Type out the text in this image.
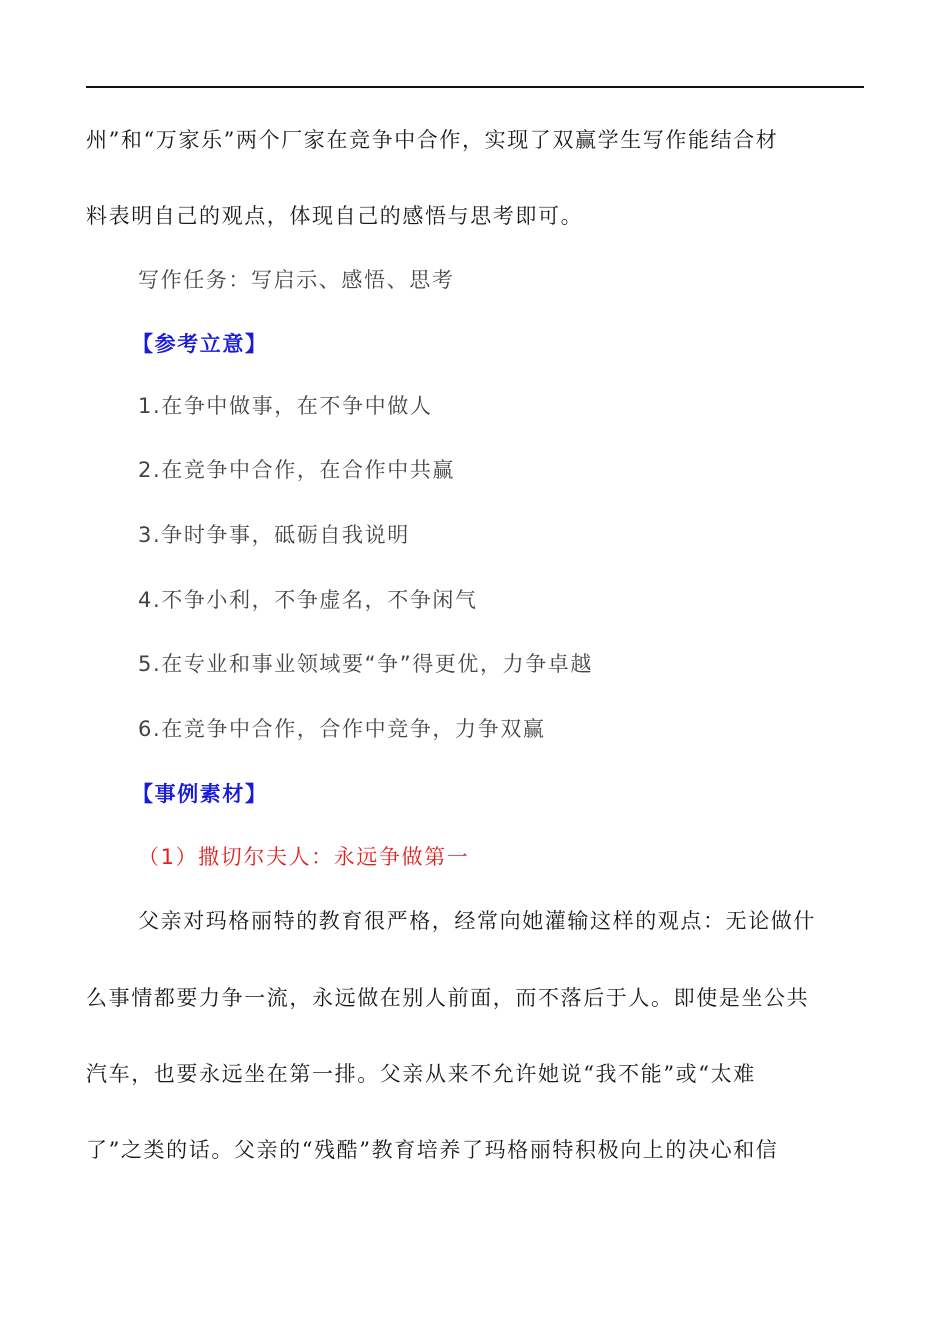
州”和“万家乐”两个厂家在竞争中合作，实现了双赢学生写作能结合材
料表明自己的观点，体现自己的感悟与思考即可。
写作任务：写启示、感悟、思考
【参考立意】
1.在争中做事，在不争中做人
2.在竞争中合作，在合作中共赢
3.争时争事，砥砺自我说明
4.不争小利，不争虚名，不争闲气
5.在专业和事业领域要“争”得更优，力争卓越
6.在竞争中合作，合作中竞争，力争双赢
【事例素材】
（1）撒切尔夫人：永远争做第一
父亲对玛格丽特的教育很严格，经常向她灌输这样的观点：无论做什
么事情都要力争一流，永远做在别人前面，而不落后于人。即使是坐公共
汽车，也要永远坐在第一排。父亲从来不允许她说“我不能”或“太难
了”之类的话。父亲的“残酷”教育培养了玛格丽特积极向上的决心和信
